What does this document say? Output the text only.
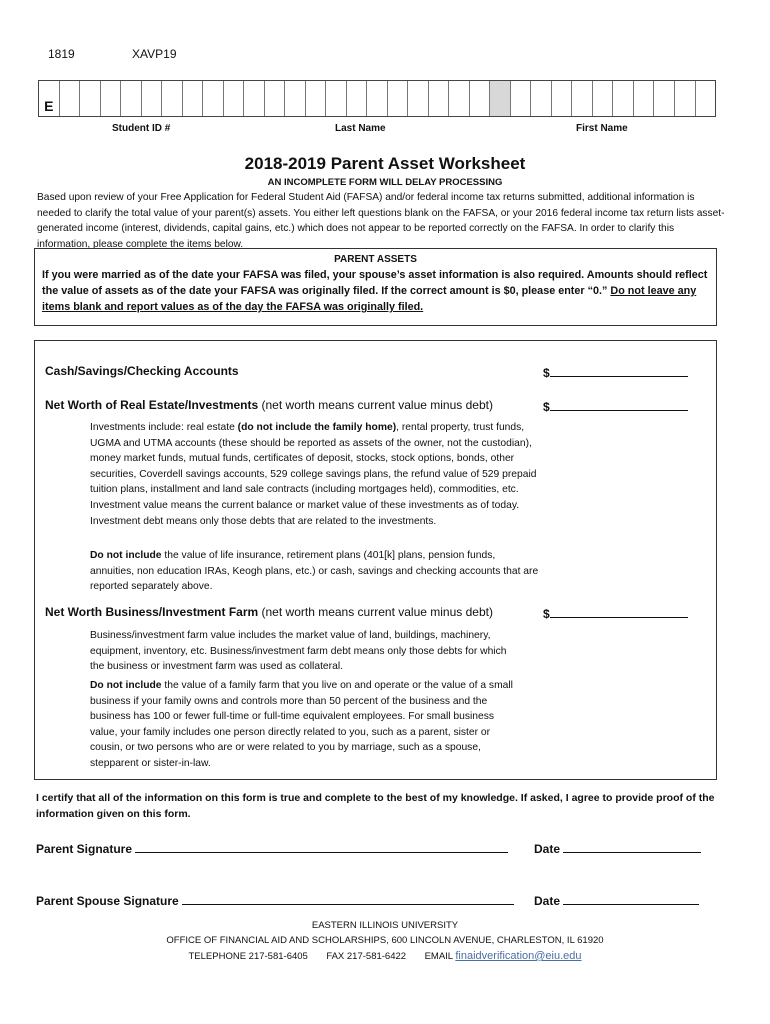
1819	XAVP19
E
Student ID #	Last Name	First Name
2018-2019 Parent Asset Worksheet
AN INCOMPLETE FORM WILL DELAY PROCESSING
Based upon review of your Free Application for Federal Student Aid (FAFSA) and/or federal income tax returns submitted, additional information is needed to clarify the total value of your parent(s) assets. You either left questions blank on the FAFSA, or your 2016 federal income tax return lists asset-generated income (interest, dividends, capital gains, etc.) which does not appear to be reported correctly on the FAFSA. In order to clarify this information, please complete the items below.
PARENT ASSETS
If you were married as of the date your FAFSA was filed, your spouse’s asset information is also required. Amounts should reflect the value of assets as of the date your FAFSA was originally filed. If the correct amount is $0, please enter “0.” Do not leave any items blank and report values as of the day the FAFSA was originally filed.
Cash/Savings/Checking Accounts	$
Net Worth of Real Estate/Investments (net worth means current value minus debt)	$
Investments include: real estate (do not include the family home), rental property, trust funds, UGMA and UTMA accounts (these should be reported as assets of the owner, not the custodian), money market funds, mutual funds, certificates of deposit, stocks, stock options, bonds, other securities, Coverdell savings accounts, 529 college savings plans, the refund value of 529 prepaid tuition plans, installment and land sale contracts (including mortgages held), commodities, etc. Investment value means the current balance or market value of these investments as of today. Investment debt means only those debts that are related to the investments.
Do not include the value of life insurance, retirement plans (401[k] plans, pension funds, annuities, non education IRAs, Keogh plans, etc.) or cash, savings and checking accounts that are reported separately above.
Net Worth Business/Investment Farm (net worth means current value minus debt)	$
Business/investment farm value includes the market value of land, buildings, machinery, equipment, inventory, etc. Business/investment farm debt means only those debts for which the business or investment farm was used as collateral.
Do not include the value of a family farm that you live on and operate or the value of a small business if your family owns and controls more than 50 percent of the business and the business has 100 or fewer full-time or full-time equivalent employees. For small business value, your family includes one person directly related to you, such as a parent, sister or cousin, or two persons who are or were related to you by marriage, such as a spouse, stepparent or sister-in-law.
I certify that all of the information on this form is true and complete to the best of my knowledge. If asked, I agree to provide proof of the information given on this form.
Parent Signature	Date
Parent Spouse Signature	Date
EASTERN ILLINOIS UNIVERSITY
OFFICE OF FINANCIAL AID AND SCHOLARSHIPS, 600 LINCOLN AVENUE, CHARLESTON, IL 61920
TELEPHONE 217-581-6405 FAX 217-581-6422 EMAIL finaidverification@eiu.edu
